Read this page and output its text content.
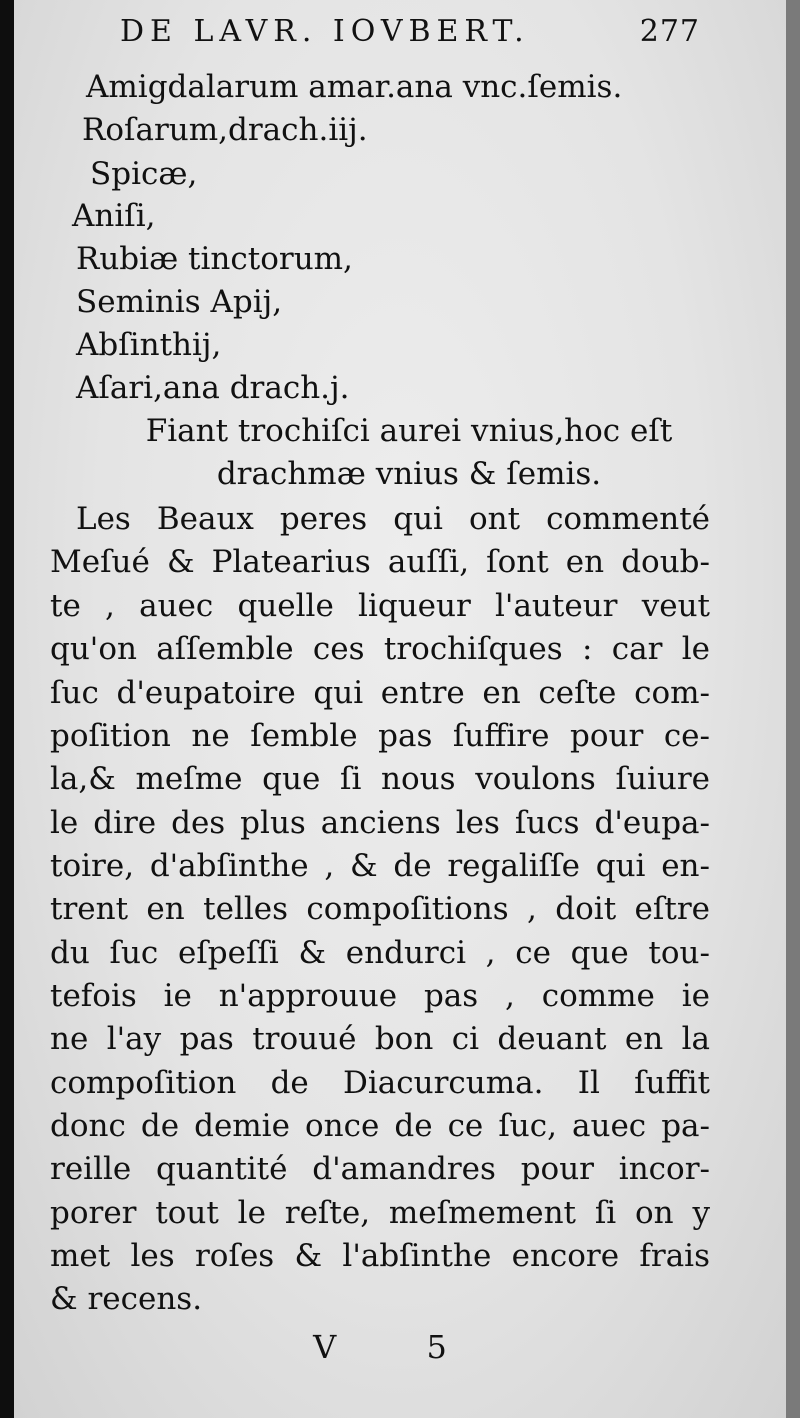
DE LAVR. IOVBERT.	277
Amigdalarum amar.ana vnc.ſemis.
Roſarum,drach.iij.
Spicæ,
Aniſi,
Rubiæ tinctorum,
Seminis Apij,
Abſinthij,
Aſari,ana drach.j.
Fiant trochiſci aurei vnius,hoc eſt
drachmæ vnius & ſemis.
Les Beaux peres qui ont commenté
Meſué & Platearius auſſi, ſont en doub-
te , auec quelle liqueur l'auteur veut
qu'on aſſemble ces trochiſques : car le
ſuc d'eupatoire qui entre en ceſte com-
poſition ne ſemble pas ſuffire pour ce-
la,& meſme que ſi nous voulons ſuiure
le dire des plus anciens les ſucs d'eupa-
toire, d'abſinthe , & de regaliſſe qui en-
trent en telles compoſitions , doit eſtre
du ſuc eſpeſſi & endurci , ce que tou-
tefois ie n'approuue pas , comme ie
ne l'ay pas trouué bon ci deuant en la
compoſition de Diacurcuma. Il ſuffit
donc de demie once de ce ſuc, auec pa-
reille quantité d'amandres pour incor-
porer tout le reſte, meſmement ſi on y
met les roſes & l'abſinthe encore frais
& recens.
V 5
